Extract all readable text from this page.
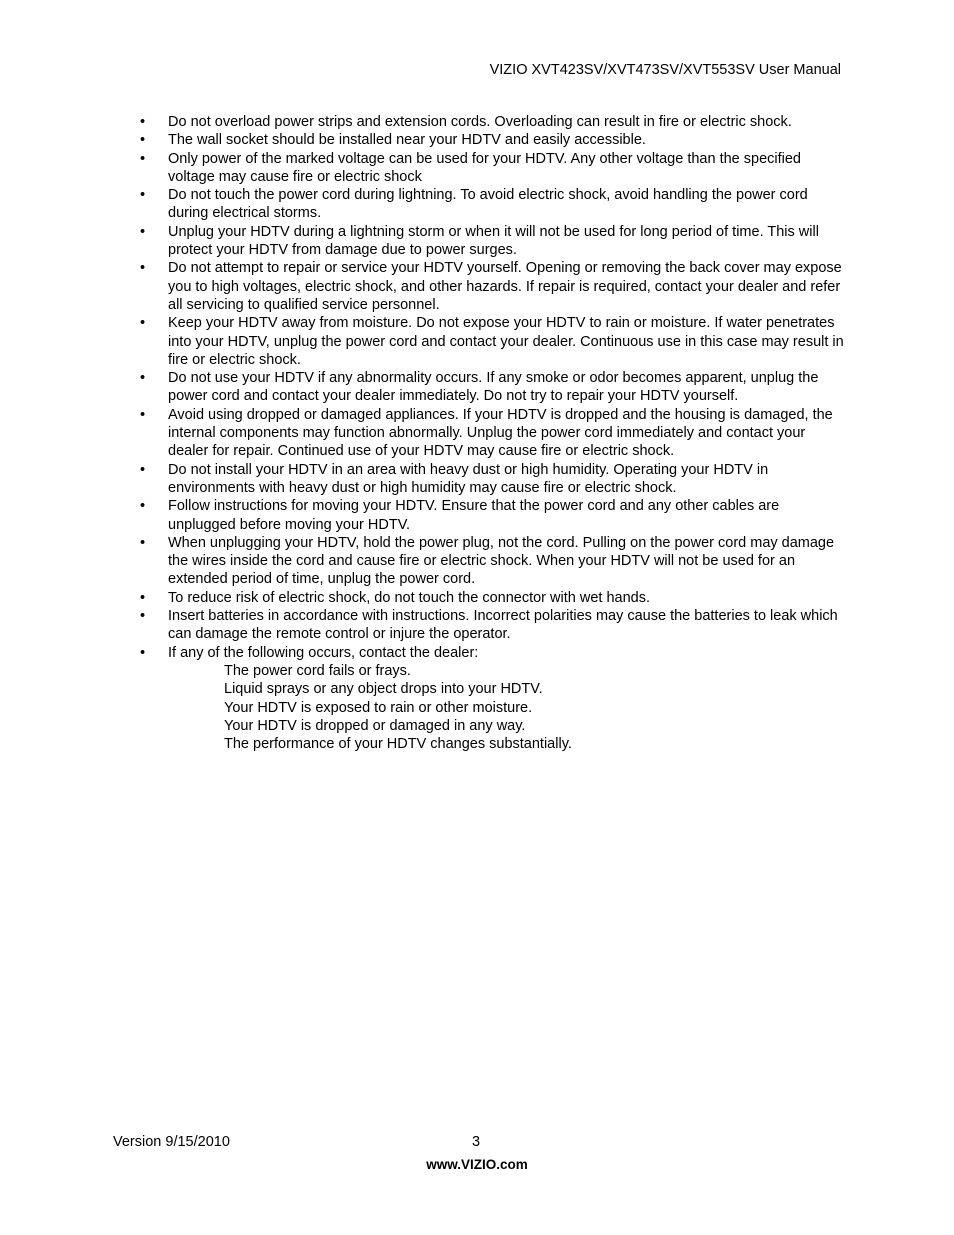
VIZIO XVT423SV/XVT473SV/XVT553SV User Manual
•	Do not overload power strips and extension cords. Overloading can result in fire or electric shock.
•	The wall socket should be installed near your HDTV and easily accessible.
•	Only power of the marked voltage can be used for your HDTV. Any other voltage than the specified voltage may cause fire or electric shock
•	Do not touch the power cord during lightning. To avoid electric shock, avoid handling the power cord during electrical storms.
•	Unplug your HDTV during a lightning storm or when it will not be used for long period of time. This will protect your HDTV from damage due to power surges.
•	Do not attempt to repair or service your HDTV yourself. Opening or removing the back cover may expose you to high voltages, electric shock, and other hazards. If repair is required, contact your dealer and refer all servicing to qualified service personnel.
•	Keep your HDTV away from moisture. Do not expose your HDTV to rain or moisture. If water penetrates into your HDTV, unplug the power cord and contact your dealer. Continuous use in this case may result in fire or electric shock.
•	Do not use your HDTV if any abnormality occurs. If any smoke or odor becomes apparent, unplug the power cord and contact your dealer immediately. Do not try to repair your HDTV yourself.
•	Avoid using dropped or damaged appliances. If your HDTV is dropped and the housing is damaged, the internal components may function abnormally. Unplug the power cord immediately and contact your dealer for repair. Continued use of your HDTV may cause fire or electric shock.
•	Do not install your HDTV in an area with heavy dust or high humidity. Operating your HDTV in environments with heavy dust or high humidity may cause fire or electric shock.
•	Follow instructions for moving your HDTV. Ensure that the power cord and any other cables are unplugged before moving your HDTV.
•	When unplugging your HDTV, hold the power plug, not the cord. Pulling on the power cord may damage the wires inside the cord and cause fire or electric shock. When your HDTV will not be used for an extended period of time, unplug the power cord.
•	To reduce risk of electric shock, do not touch the connector with wet hands.
•	Insert batteries in accordance with instructions. Incorrect polarities may cause the batteries to leak which can damage the remote control or injure the operator.
•	If any of the following occurs, contact the dealer:
The power cord fails or frays.
Liquid sprays or any object drops into your HDTV.
Your HDTV is exposed to rain or other moisture.
Your HDTV is dropped or damaged in any way.
The performance of your HDTV changes substantially.
Version 9/15/2010	3
www.VIZIO.com
